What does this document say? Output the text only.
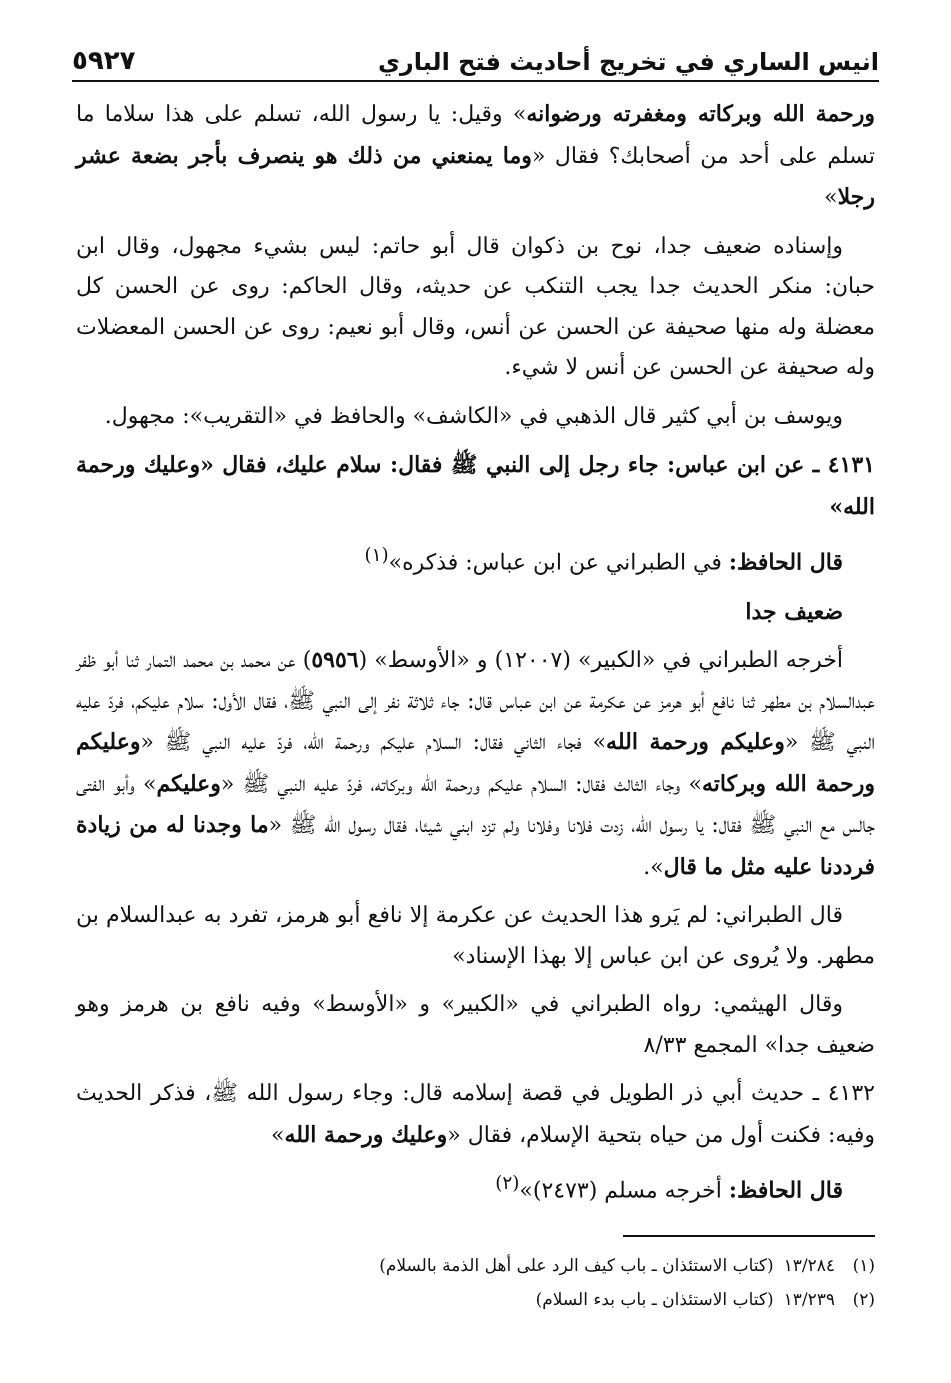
انيس الساري في تخريج أحاديث فتح الباري
٥٩٢٧

ورحمة الله وبركاته ومغفرته ورضوانه» وقيل: يا رسول الله، تسلم على هذا سلاما ما تسلم على أحد من أصحابك؟ فقال «وما يمنعني من ذلك هو ينصرف بأجر بضعة عشر رجلا»

وإسناده ضعيف جدا، نوح بن ذكوان قال أبو حاتم: ليس بشيء مجهول، وقال ابن حبان: منكر الحديث جدا يجب التنكب عن حديثه، وقال الحاكم: روى عن الحسن كل معضلة وله منها صحيفة عن الحسن عن أنس، وقال أبو نعيم: روى عن الحسن المعضلات وله صحيفة عن الحسن عن أنس لا شيء.

ويوسف بن أبي كثير قال الذهبي في «الكاشف» والحافظ في «التقريب»: مجهول.

٤١٣١ ـ عن ابن عباس: جاء رجل إلى النبي ﷺ فقال: سلام عليك، فقال «وعليك ورحمة الله»

قال الحافظ: في الطبراني عن ابن عباس: فذكره»$^{(١)}$

ضعيف جدا

أخرجه الطبراني في «الكبير» (١٢٠٠٧) و «الأوسط» (٥٩٥٦) عن محمد بن محمد التمار ثنا أبو ظفر عبدالسلام بن مطهر ثنا نافع أبو هرمز عن عكرمة عن ابن عباس قال: جاء ثلاثة نفر إلى النبي ﷺ، فقال الأول: سلام عليكم، فردّ عليه النبي ﷺ «وعليكم ورحمة الله» فجاء الثاني فقال: السلام عليكم ورحمة الله، فردّ عليه النبي ﷺ «وعليكم ورحمة الله وبركاته» وجاء الثالث فقال: السلام عليكم ورحمة الله وبركاته، فردّ عليه النبي ﷺ «وعليكم» وأبو الفتى جالس مع النبي ﷺ فقال: يا رسول الله، زدت فلانا وفلانا ولم تزد ابني شيئا، فقال رسول الله ﷺ «ما وجدنا له من زيادة فرددنا عليه مثل ما قال».

قال الطبراني: لم يَرو هذا الحديث عن عكرمة إلا نافع أبو هرمز، تفرد به عبدالسلام بن مطهر. ولا يُروى عن ابن عباس إلا بهذا الإسناد»

وقال الهيثمي: رواه الطبراني في «الكبير» و «الأوسط» وفيه نافع بن هرمز وهو ضعيف جدا» المجمع ٨/٣٣

٤١٣٢ ـ حديث أبي ذر الطويل في قصة إسلامه قال: وجاء رسول الله ﷺ، فذكر الحديث وفيه: فكنت أول من حياه بتحية الإسلام، فقال «وعليك ورحمة الله»

قال الحافظ: أخرجه مسلم (٢٤٧٣)»$^{(٢)}$

(١)١٣/٢٨٤(كتاب الاستئذان ـ باب كيف الرد على أهل الذمة بالسلام)
(٢)١٣/٢٣٩(كتاب الاستئذان ـ باب بدء السلام)
